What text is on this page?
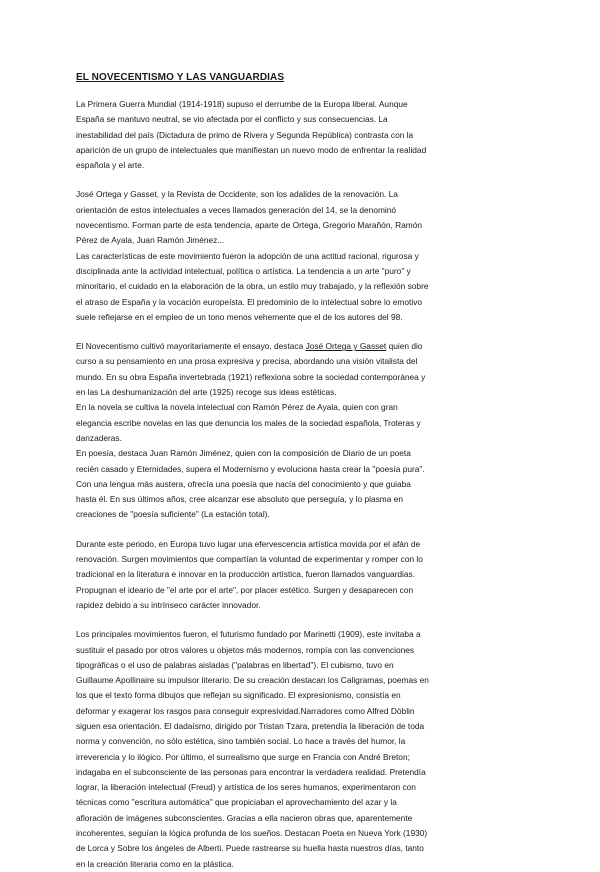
EL NOVECENTISMO Y LAS VANGUARDIAS
La Primera Guerra Mundial (1914-1918) supuso el derrumbe de la Europa liberal. Aunque
España se mantuvo neutral, se vio afectada por el conflicto y sus consecuencias. La
inestabilidad del país (Dictadura de primo de Rivera y Segunda República) contrasta con la
aparición de un grupo de intelectuales que manifiestan un nuevo modo de enfrentar la realidad
española y el arte.
José Ortega y Gasset, y la Revista de Occidente, son los adalides de la renovación. La
orientación de estos intelectuales a veces llamados generación del 14, se la denominó
novecentismo. Forman parte de esta tendencia, aparte de Ortega, Gregorio Marañón, Ramón
Pérez de Ayala, Juan Ramón Jiménez...
Las características de este movimiento fueron la adopción de una actitud racional, rigurosa y
disciplinada ante la actividad intelectual, política o artística. La tendencia a un arte "puro" y
minoritario, el cuidado en la elaboración de la obra, un estilo muy trabajado, y la reflexión sobre
el atraso de España y la vocación europeísta. El predominio de lo intelectual sobre lo emotivo
suele reflejarse en el empleo de un tono menos vehemente que el de los autores del 98.
El Novecentismo cultivó mayoritariamente el ensayo, destaca José Ortega y Gasset quien dio
curso a su pensamiento en una prosa expresiva y precisa, abordando una visión vitalista del
mundo. En su obra España invertebrada (1921) reflexiona sobre la sociedad contemporánea y
en las La deshumanización del arte (1925) recoge sus ideas estéticas.
En la novela se cultiva la novela intelectual con Ramón Pérez de Ayala, quien con gran
elegancia escribe novelas en las que denuncia los males de la sociedad española, Troteras y
danzaderas.
En poesía, destaca Juan Ramón Jiménez, quien con la composición de Diario de un poeta
recién casado y Eternidades, supera el Modernismo y evoluciona hasta crear la "poesía pura".
Con una lengua más austera, ofrecía una poesía que nacía del conocimiento y que guiaba
hasta él. En sus últimos años, cree alcanzar ese absoluto que perseguía, y lo plasma en
creaciones de "poesía suficiente" (La estación total).
Durante este periodo, en Europa tuvo lugar una efervescencia artística movida por el afán de
renovación. Surgen movimientos que compartían la voluntad de experimentar y romper con lo
tradicional en la literatura e innovar en la producción artística, fueron llamados vanguardias.
Propugnan el ideario de "el arte por el arte", por placer estético. Surgen y desaparecen con
rapidez debido a su intrínseco carácter innovador.
Los principales movimientos fueron, el futurismo fundado por Marinetti (1909), este invitaba a
sustituir el pasado por otros valores u objetos más modernos, rompía con las convenciones
tipográficas o el uso de palabras aisladas ("palabras en libertad"). El cubismo, tuvo en
Guillaume Apollinaire su impulsor literario. De su creación destacan los Caligramas, poemas en
los que el texto forma dibujos que reflejan su significado. El expresionismo, consistía en
deformar y exagerar los rasgos para conseguir expresividad.Narradores como Alfred Döblin
siguen esa orientación. El dadaísmo, dirigido por Tristan Tzara, pretendía la liberación de toda
norma y convención, no sólo estética, sino también social. Lo hace a través del humor, la
irreverencia y lo ilógico. Por último, el surrealismo que surge en Francia con André Breton;
indagaba en el subconsciente de las personas para encontrar la verdadera realidad. Pretendía
lograr, la liberación intelectual (Freud) y artística de los seres humanos, experimentaron con
técnicas como "escritura automática" que propiciaban el aprovechamiento del azar y la
afloración de imágenes subconscientes. Gracias a ella nacieron obras que, aparentemente
incoherentes, seguían la lógica profunda de los sueños. Destacan Poeta en Nueva York (1930)
de Lorca y Sobre los ángeles de Alberti. Puede rastrearse su huella hasta nuestros días, tanto
en la creación literaria como en la plástica.
